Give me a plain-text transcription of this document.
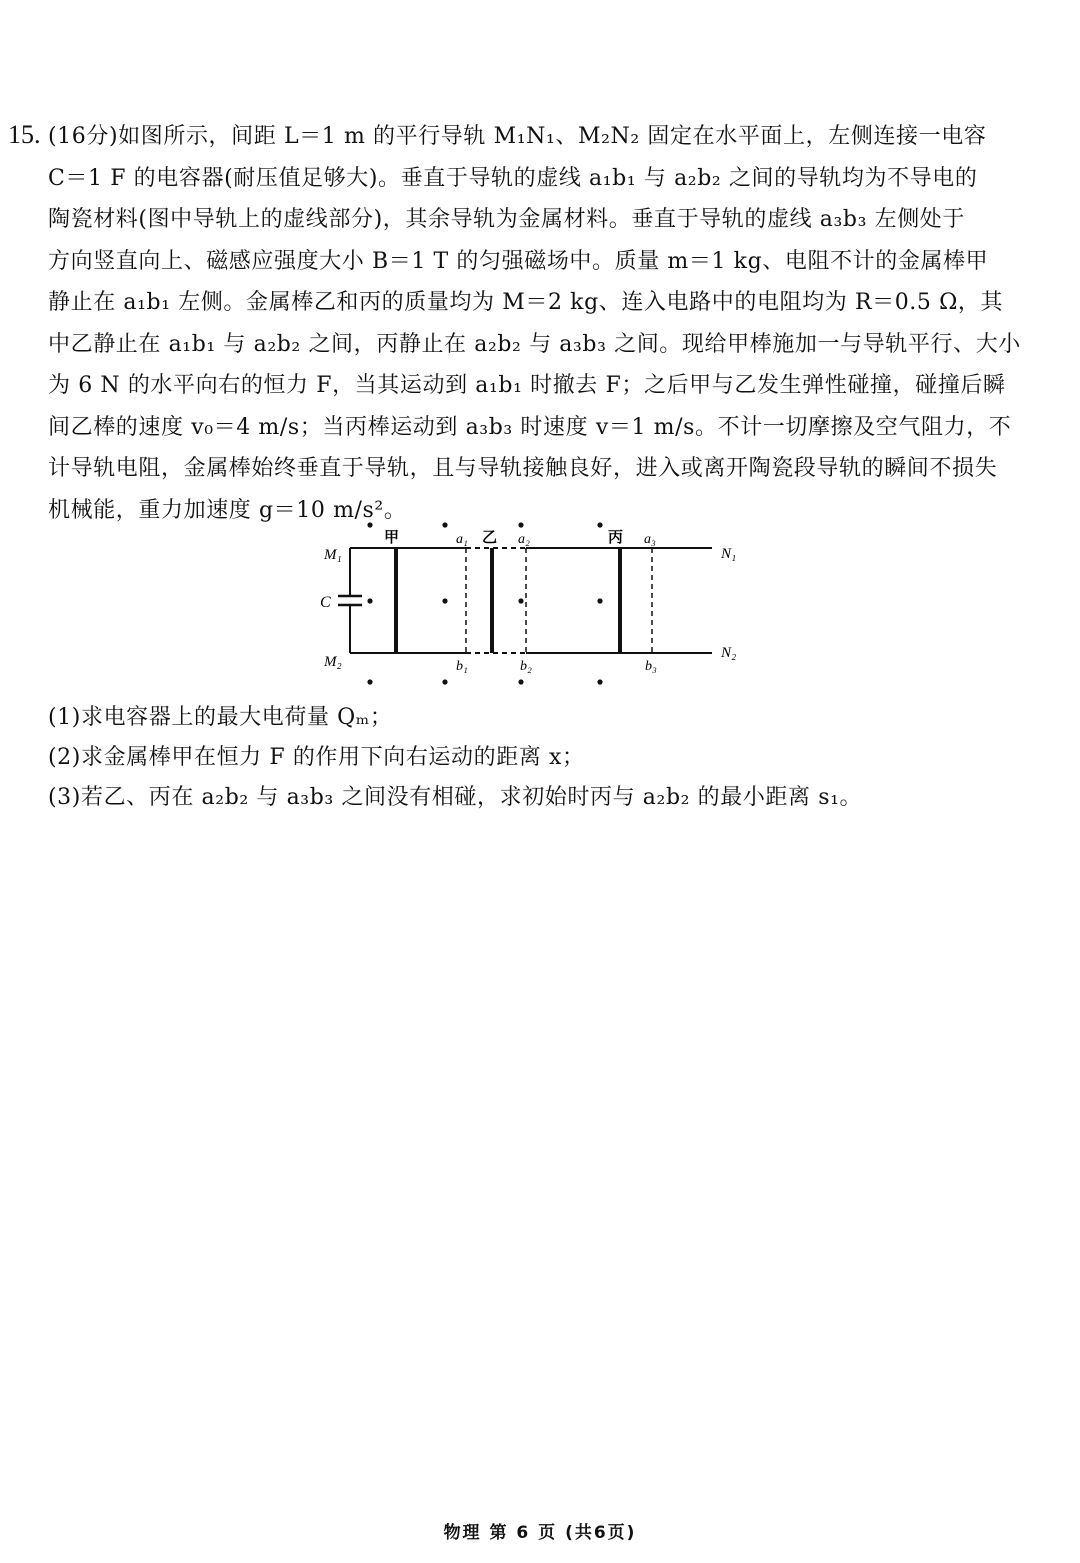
15. (16分)如图所示，间距 L＝1 m 的平行导轨 M₁N₁、M₂N₂ 固定在水平面上，左侧连接一电容
C＝1 F 的电容器(耐压值足够大)。垂直于导轨的虚线 a₁b₁ 与 a₂b₂ 之间的导轨均为不导电的
陶瓷材料(图中导轨上的虚线部分)，其余导轨为金属材料。垂直于导轨的虚线 a₃b₃ 左侧处于
方向竖直向上、磁感应强度大小 B＝1 T 的匀强磁场中。质量 m＝1 kg、电阻不计的金属棒甲
静止在 a₁b₁ 左侧。金属棒乙和丙的质量均为 M＝2 kg、连入电路中的电阻均为 R＝0.5 Ω，其
中乙静止在 a₁b₁ 与 a₂b₂ 之间，丙静止在 a₂b₂ 与 a₃b₃ 之间。现给甲棒施加一与导轨平行、大小
为 6 N 的水平向右的恒力 F，当其运动到 a₁b₁ 时撤去 F；之后甲与乙发生弹性碰撞，碰撞后瞬
间乙棒的速度 v₀＝4 m/s；当丙棒运动到 a₃b₃ 时速度 v＝1 m/s。不计一切摩擦及空气阻力，不
计导轨电阻，金属棒始终垂直于导轨，且与导轨接触良好，进入或离开陶瓷段导轨的瞬间不损失
机械能，重力加速度 g＝10 m/s²。
M₁
M₂
N₁
N₂
C
甲	乙	丙
a₁	a₂	a₃
b₁	b₂	b₃
(1)求电容器上的最大电荷量 Qₘ；
(2)求金属棒甲在恒力 F 的作用下向右运动的距离 x；
(3)若乙、丙在 a₂b₂ 与 a₃b₃ 之间没有相碰，求初始时丙与 a₂b₂ 的最小距离 s₁。
物理 第 6 页 (共6页)
